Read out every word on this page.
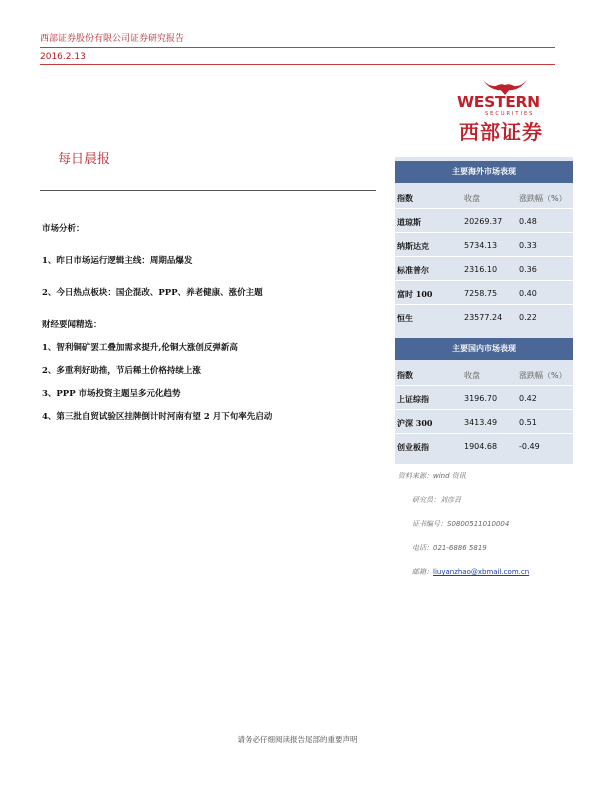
西部证券股份有限公司证券研究报告
2016.2.13
WESTERN
SECURITIES
西部证券
每日晨报
市场分析：
1、昨日市场运行逻辑主线：周期品爆发
2、今日热点板块：国企混改、PPP、养老健康、涨价主题
财经要闻精选：
1、智利铜矿罢工叠加需求提升,伦铜大涨创反弹新高
2、多重利好助推，节后稀土价格持续上涨
3、PPP 市场投资主题呈多元化趋势
4、第三批自贸试验区挂牌倒计时河南有望 2 月下旬率先启动
主要海外市场表现
指数	收盘	涨跌幅（%）
道琼斯	20269.37 0.48
纳斯达克	5734.13	0.33
标准普尔	2316.10	0.36
富时 100	7258.75	0.40
恒生	23577.24 0.22
主要国内市场表现
指数	收盘	涨跌幅（%）
上证综指	3196.70	0.42
沪深 300	3413.49	0.51
创业板指	1904.68	-0.49
资料来源：wind 资讯
研究员：刘彦召
证书编号：S0800511010004
电话：021-6886 5819
邮箱：liuyanzhao@xbmail.com.cn
请务必仔细阅读报告尾部的重要声明
